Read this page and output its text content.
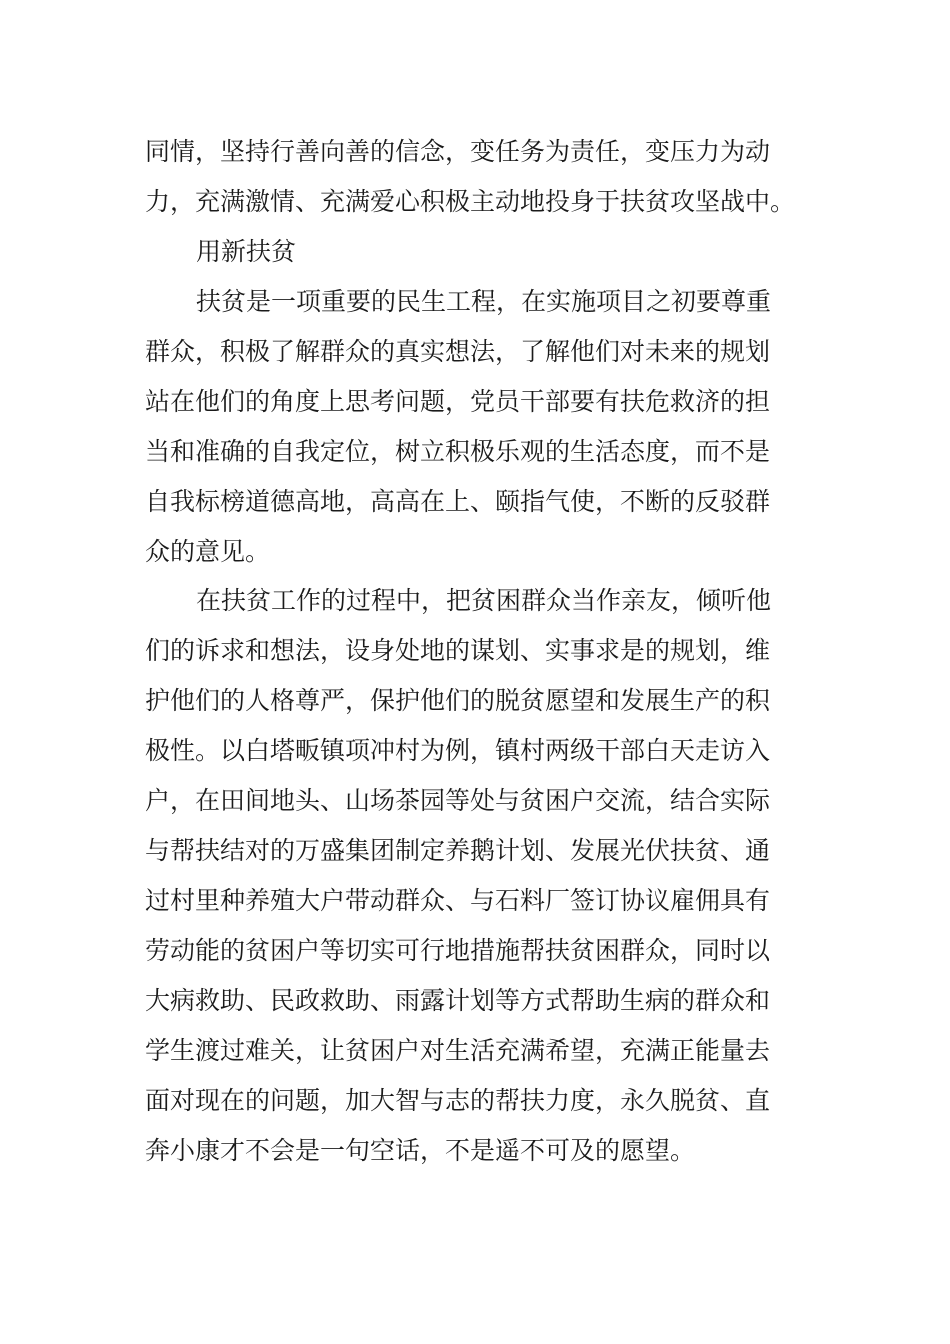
同情，坚持行善向善的信念，变任务为责任，变压力为动
力，充满激情、充满爱心积极主动地投身于扶贫攻坚战中。
用新扶贫
扶贫是一项重要的民生工程，在实施项目之初要尊重
群众，积极了解群众的真实想法，了解他们对未来的规划
站在他们的角度上思考问题，党员干部要有扶危救济的担
当和准确的自我定位，树立积极乐观的生活态度，而不是
自我标榜道德高地，高高在上、颐指气使，不断的反驳群
众的意见。
在扶贫工作的过程中，把贫困群众当作亲友，倾听他
们的诉求和想法，设身处地的谋划、实事求是的规划，维
护他们的人格尊严，保护他们的脱贫愿望和发展生产的积
极性。以白塔畈镇项冲村为例，镇村两级干部白天走访入
户，在田间地头、山场茶园等处与贫困户交流，结合实际
与帮扶结对的万盛集团制定养鹅计划、发展光伏扶贫、通
过村里种养殖大户带动群众、与石料厂签订协议雇佣具有
劳动能的贫困户等切实可行地措施帮扶贫困群众，同时以
大病救助、民政救助、雨露计划等方式帮助生病的群众和
学生渡过难关，让贫困户对生活充满希望，充满正能量去
面对现在的问题，加大智与志的帮扶力度，永久脱贫、直
奔小康才不会是一句空话，不是遥不可及的愿望。
